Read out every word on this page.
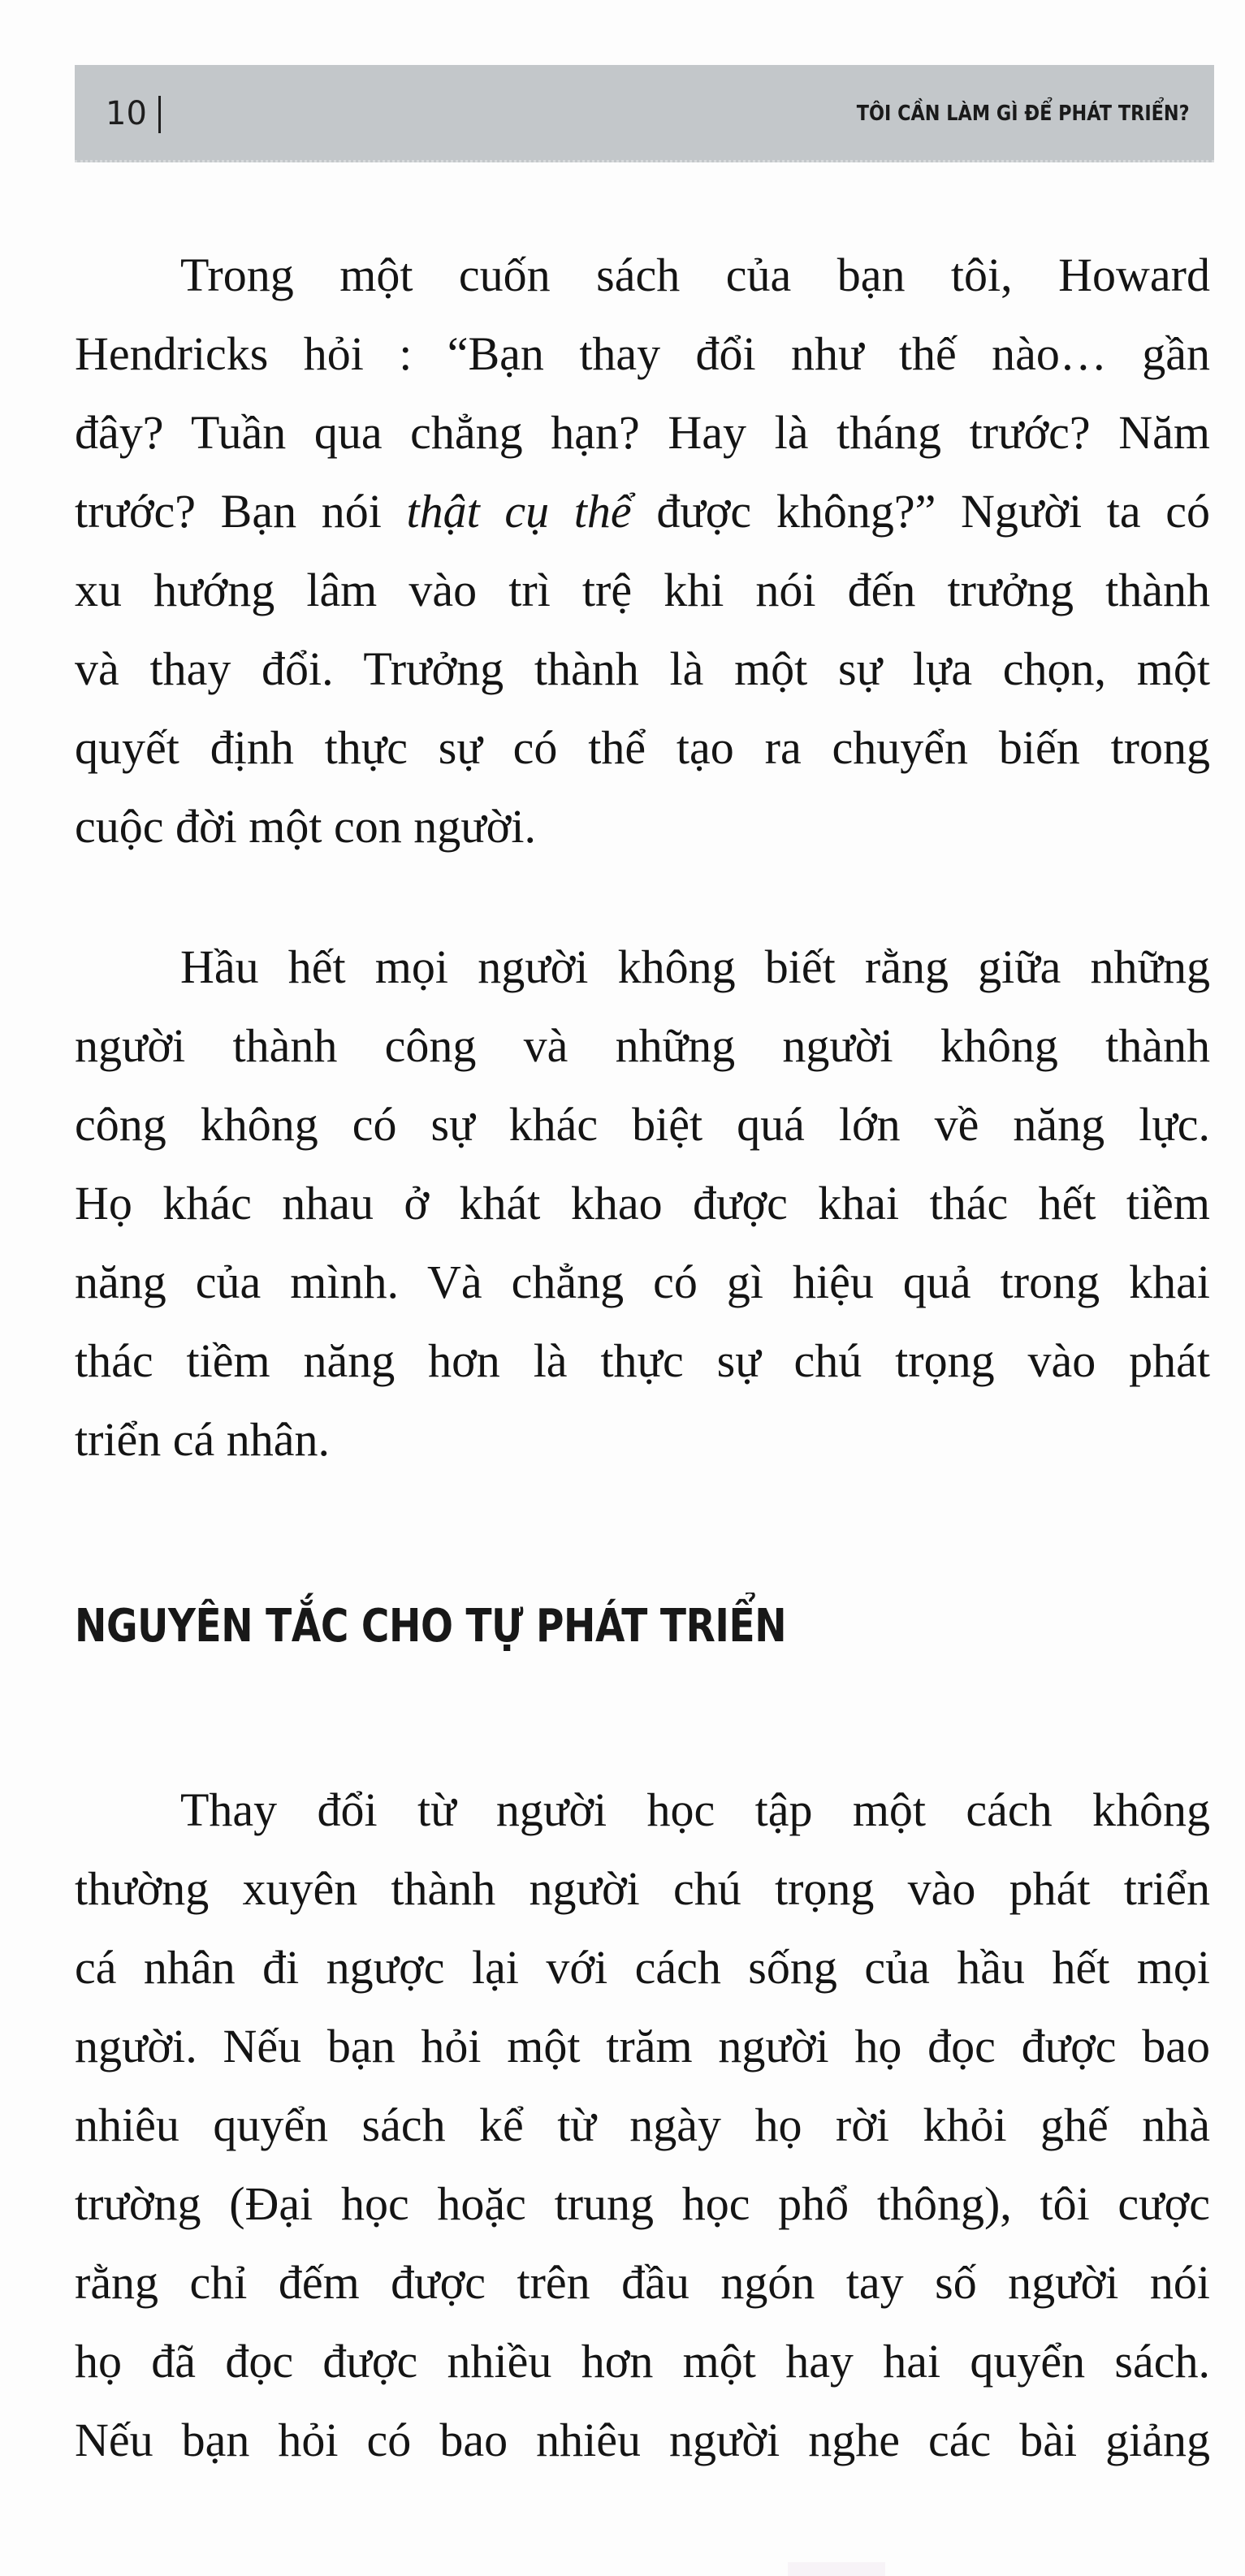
10	TÔI CẦN LÀM GÌ ĐỂ PHÁT TRIỂN?
Trong một cuốn sách của bạn tôi, Howard
Hendricks hỏi : “Bạn thay đổi như thế nào… gần
đây? Tuần qua chẳng hạn? Hay là tháng trước? Năm
trước? Bạn nói thật cụ thể được không?” Người ta có
xu hướng lâm vào trì trệ khi nói đến trưởng thành
và thay đổi. Trưởng thành là một sự lựa chọn, một
quyết định thực sự có thể tạo ra chuyển biến trong
cuộc đời một con người.
Hầu hết mọi người không biết rằng giữa những
người thành công và những người không thành
công không có sự khác biệt quá lớn về năng lực.
Họ khác nhau ở khát khao được khai thác hết tiềm
năng của mình. Và chẳng có gì hiệu quả trong khai
thác tiềm năng hơn là thực sự chú trọng vào phát
triển cá nhân.
NGUYÊN TẮC CHO TỰ PHÁT TRIỂN
Thay đổi từ người học tập một cách không
thường xuyên thành người chú trọng vào phát triển
cá nhân đi ngược lại với cách sống của hầu hết mọi
người. Nếu bạn hỏi một trăm người họ đọc được bao
nhiêu quyển sách kể từ ngày họ rời khỏi ghế nhà
trường (Đại học hoặc trung học phổ thông), tôi cược
rằng chỉ đếm được trên đầu ngón tay số người nói
họ đã đọc được nhiều hơn một hay hai quyển sách.
Nếu bạn hỏi có bao nhiêu người nghe các bài giảng
